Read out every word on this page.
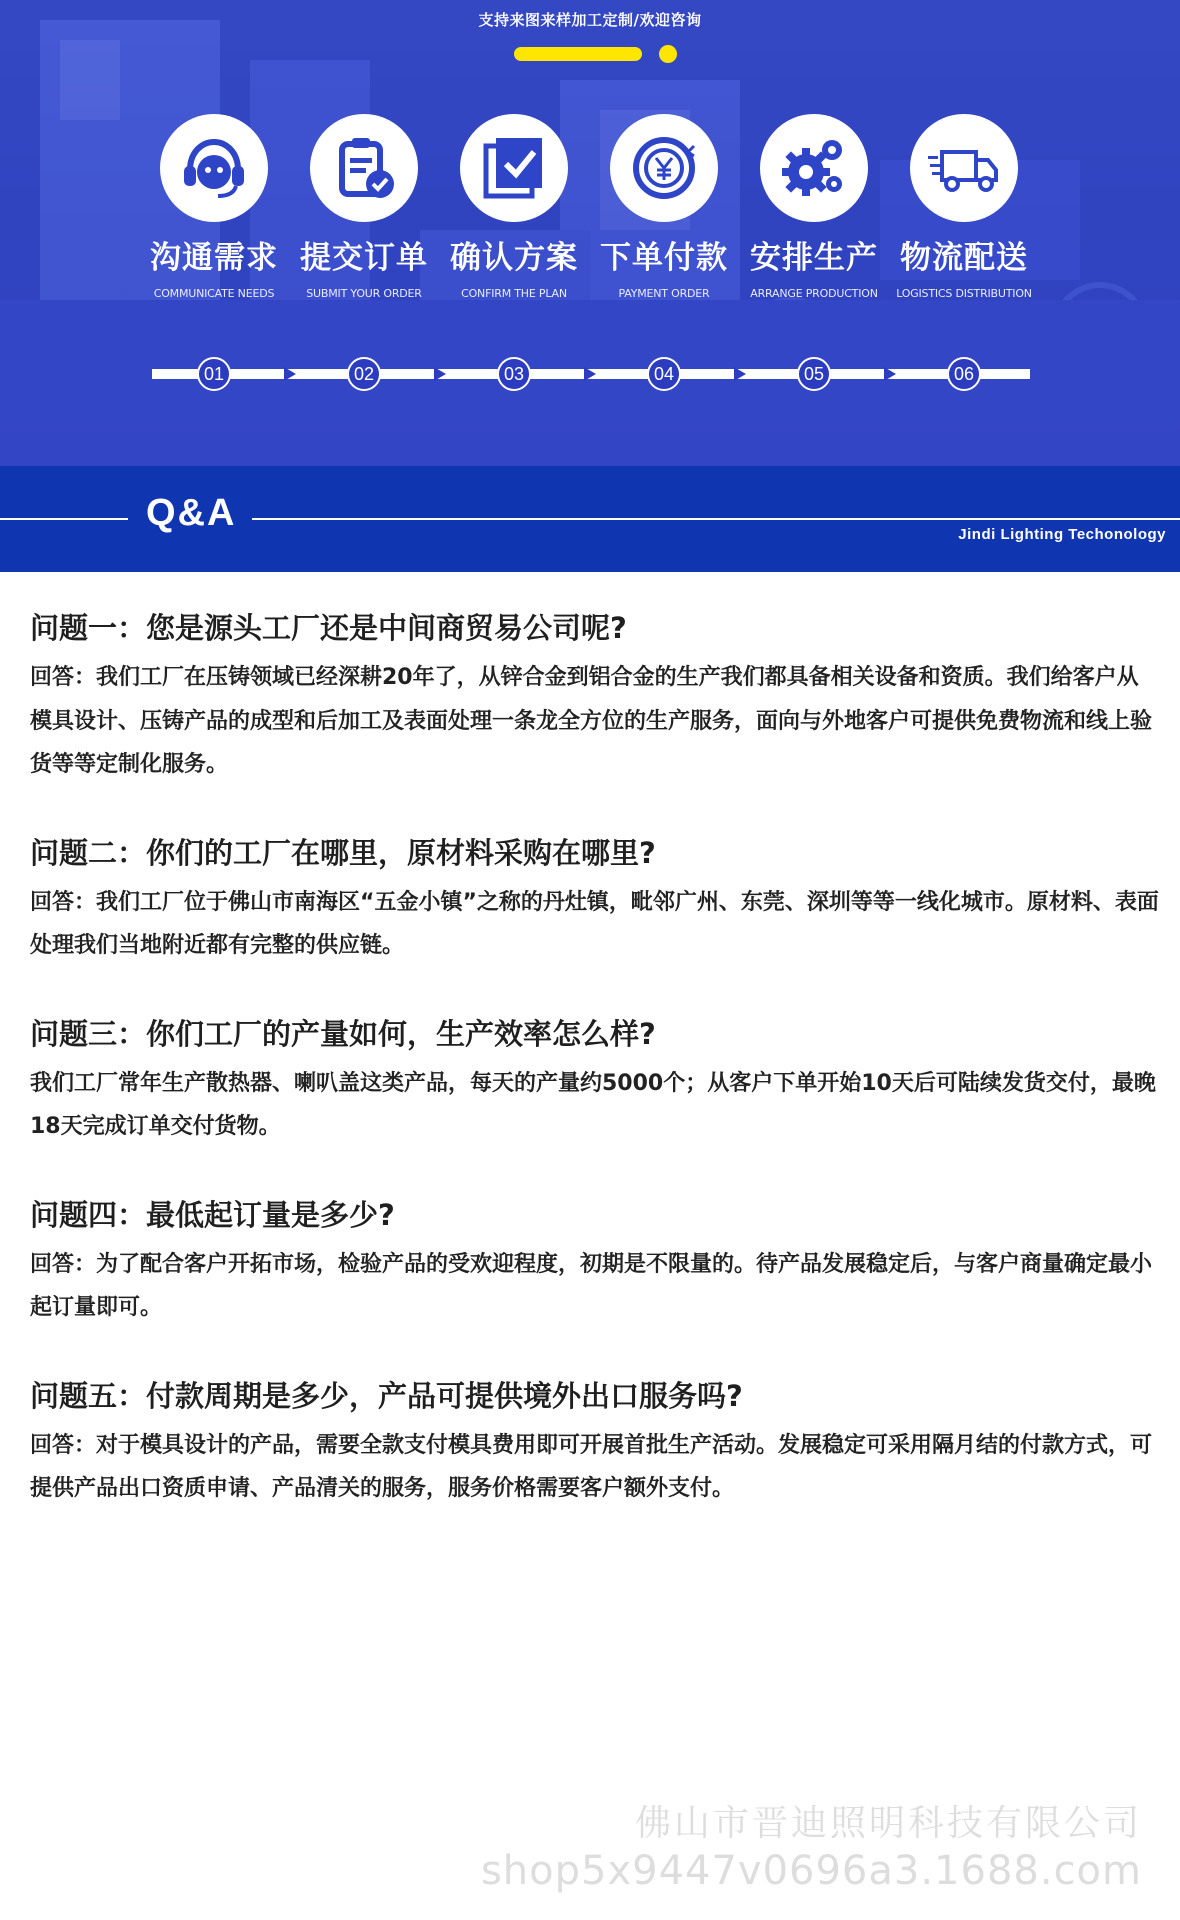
支持来图来样加工定制/欢迎咨询
沟通需求
COMMUNICATE NEEDS
提交订单
SUBMIT YOUR ORDER
确认方案
CONFIRM THE PLAN
下单付款
PAYMENT ORDER
安排生产
ARRANGE PRODUCTION
物流配送
LOGISTICS DISTRIBUTION
01	02	03	04	05	06
Q&A
Jindi Lighting Techonology
问题一：您是源头工厂还是中间商贸易公司呢?
回答：我们工厂在压铸领域已经深耕20年了，从锌合金到铝合金的生产我们都具备相关设备和资质。我们给客户从模具设计、压铸产品的成型和后加工及表面处理一条龙全方位的生产服务，面向与外地客户可提供免费物流和线上验货等等定制化服务。
问题二：你们的工厂在哪里，原材料采购在哪里?
回答：我们工厂位于佛山市南海区“五金小镇”之称的丹灶镇，毗邻广州、东莞、深圳等等一线化城市。原材料、表面处理我们当地附近都有完整的供应链。
问题三：你们工厂的产量如何，生产效率怎么样?
我们工厂常年生产散热器、喇叭盖这类产品，每天的产量约5000个；从客户下单开始10天后可陆续发货交付，最晚18天完成订单交付货物。
问题四：最低起订量是多少?
回答：为了配合客户开拓市场，检验产品的受欢迎程度，初期是不限量的。待产品发展稳定后，与客户商量确定最小起订量即可。
问题五：付款周期是多少，产品可提供境外出口服务吗?
回答：对于模具设计的产品，需要全款支付模具费用即可开展首批生产活动。发展稳定可采用隔月结的付款方式，可提供产品出口资质申请、产品清关的服务，服务价格需要客户额外支付。
佛山市晋迪照明科技有限公司
shop5x9447v0696a3.1688.com
